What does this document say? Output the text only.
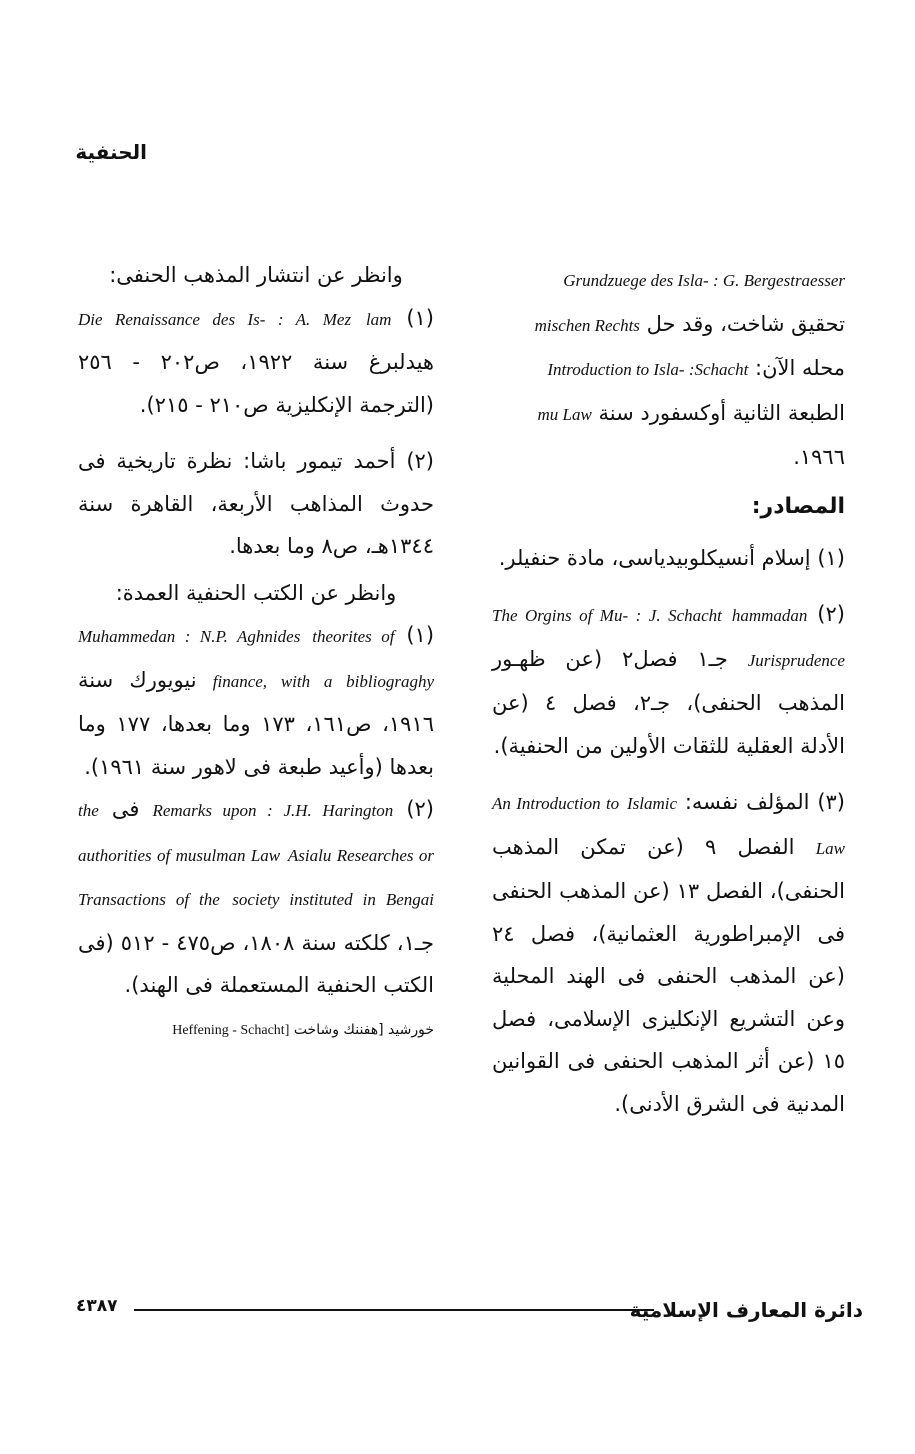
الحنفية
Grundzuege des Isla- : G. Bergestraesser
تحقيق شاخت، وقد حل mischen Rechts
محله الآن: Introduction to Isla- :Schacht
الطبعة الثانية أوكسفورد سنة mu Law
١٩٦٦.
المصادر:
(١) إسلام أنسيكلوبيدياسى، مادة حنفيلر.
(٢) The Orgins of Mu- : J. Schacht hammadan Jurisprudence جـ١ فصل٢ (عن ظهـور المذهب الحنفى)، جـ٢، فصل ٤ (عن الأدلة العقلية للثقات الأولين من الحنفية).
(٣) المؤلف نفسه: An Introduction to Islamic Law الفصل ٩ (عن تمكن المذهب الحنفى)، الفصل ١٣ (عن المذهب الحنفى فى الإمبراطورية العثمانية)، فصل ٢٤ (عن المذهب الحنفى فى الهند المحلية وعن التشريع الإنكليزى الإسلامى، فصل ١٥ (عن أثر المذهب الحنفى فى القوانين المدنية فى الشرق الأدنى).
وانظر عن انتشار المذهب الحنفى:
(١) Die Renaissance des Is- : A. Mez lam هيدلبرغ سنة ١٩٢٢، ص٢٠٢ - ٢٥٦ (الترجمة الإنكليزية ص٢١٠ - ٢١٥).
(٢) أحمد تيمور باشا: نظرة تاريخية فى حدوث المذاهب الأربعة، القاهرة سنة ١٣٤٤هـ، ص٨ وما بعدها.
وانظر عن الكتب الحنفية العمدة:
(١) Muhammedan : N.P. Aghnides theorites of finance, with a bibliograghy نيويورك سنة ١٩١٦، ص١٦١، ١٧٣ وما بعدها، ١٧٧ وما بعدها (وأعيد طبعة فى لاهور سنة ١٩٦١).
(٢) Remarks upon : J.H. Harington فى the authorities of musulman Law Asialu Researches or Transactions of the society instituted in Bengai جـ١، كلكته سنة ١٨٠٨، ص٤٧٥ - ٥١٢ (فى الكتب الحنفية المستعملة فى الهند).
خورشيد [هفننك وشاخت Heffening - Schacht]
٤٣٨٧	دائرة المعارف الإسلامية
